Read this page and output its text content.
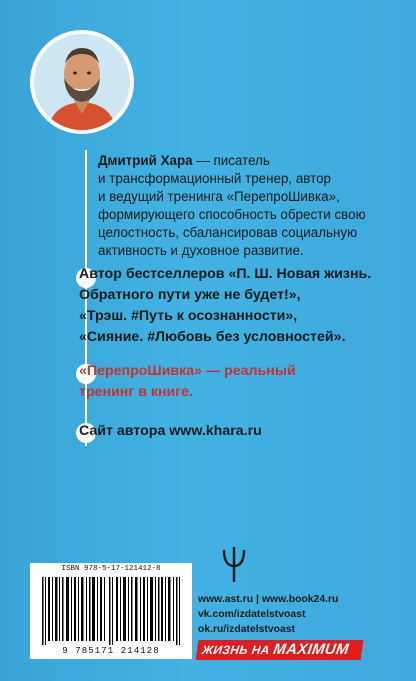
Дмитрий Хара — писатель
и трансформационный тренер, автор
и ведущий тренинга «ПерепроШивка»,
формирующего способность обрести свою
целостность, сбалансировав социальную
активность и духовное развитие.

Автор бестселлеров «П. Ш. Новая жизнь.
Обратного пути уже не будет!»,
«Трэш. #Путь к осознанности»,
«Сияние. #Любовь без условностей».

«ПерепроШивка» — реальный
тренинг в книге.

Сайт автора www.khara.ru

ISBN 978-5-17-121412-8
9 785171 214128
www.ast.ru | www.book24.ru
vk.com/izdatelstvoast
ok.ru/izdatelstvoast
ЖИЗНЬ НА MAXIMUM
